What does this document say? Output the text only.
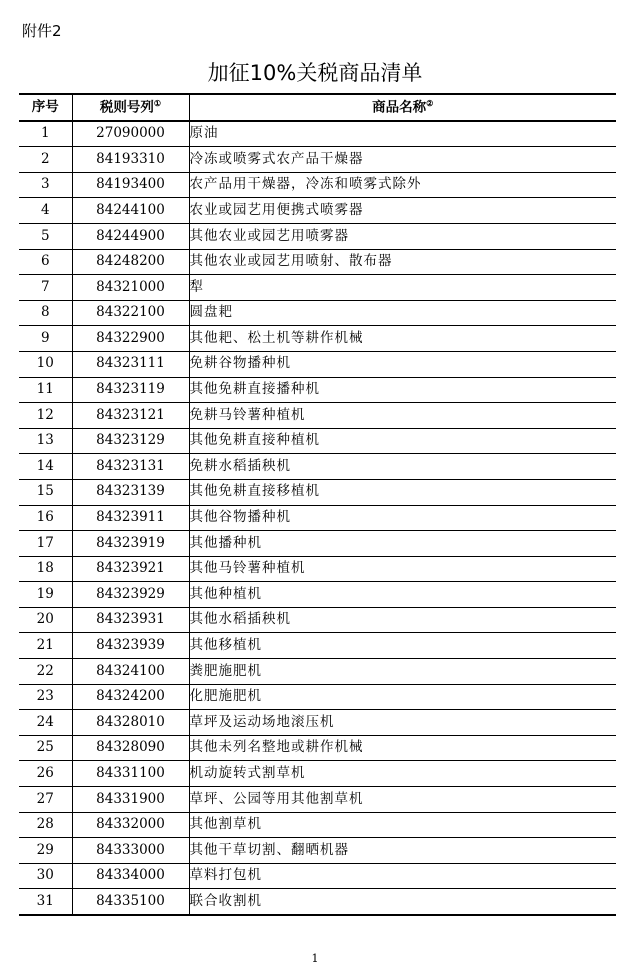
附件2
加征10%关税商品清单
序号	税则号列①	商品名称②
1	27090000	原油
2	84193310	冷冻或喷雾式农产品干燥器
3	84193400	农产品用干燥器，冷冻和喷雾式除外
4	84244100	农业或园艺用便携式喷雾器
5	84244900	其他农业或园艺用喷雾器
6	84248200	其他农业或园艺用喷射、散布器
7	84321000	犁
8	84322100	圆盘耙
9	84322900	其他耙、松土机等耕作机械
10	84323111	免耕谷物播种机
11	84323119	其他免耕直接播种机
12	84323121	免耕马铃薯种植机
13	84323129	其他免耕直接种植机
14	84323131	免耕水稻插秧机
15	84323139	其他免耕直接移植机
16	84323911	其他谷物播种机
17	84323919	其他播种机
18	84323921	其他马铃薯种植机
19	84323929	其他种植机
20	84323931	其他水稻插秧机
21	84323939	其他移植机
22	84324100	粪肥施肥机
23	84324200	化肥施肥机
24	84328010	草坪及运动场地滚压机
25	84328090	其他未列名整地或耕作机械
26	84331100	机动旋转式割草机
27	84331900	草坪、公园等用其他割草机
28	84332000	其他割草机
29	84333000	其他干草切割、翻晒机器
30	84334000	草料打包机
31	84335100	联合收割机
1
